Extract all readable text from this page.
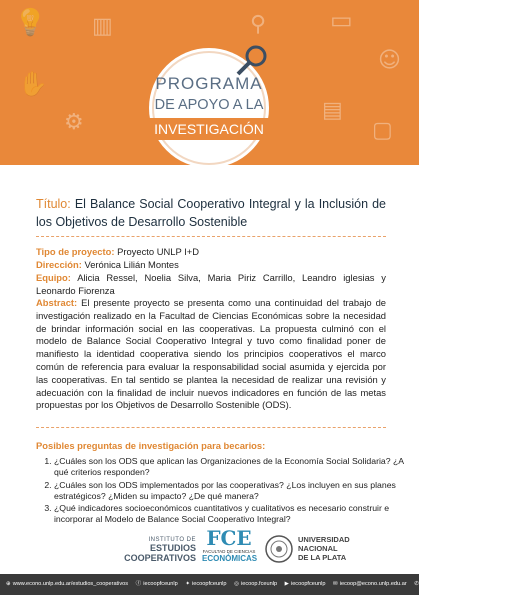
💡 ▥	▭
☺
✋
⚙	▤
▢
⚲
PROGRAMA
DE APOYO A LA
INVESTIGACIÓN
Título: El Balance Social Cooperativo Integral y la Inclusión de los Objetivos de Desarrollo Sostenible
Tipo de proyecto: Proyecto UNLP I+D
Dirección: Verónica Lilián Montes
Equipo: Alicia Ressel, Noelia Silva, Maria Piriz Carrillo, Leandro iglesias y Leonardo Fiorenza
Abstract: El presente proyecto se presenta como una continuidad del trabajo de investigación realizado en la Facultad de Ciencias Económicas sobre la necesidad de brindar información social en las cooperativas. La propuesta culminó con el modelo de Balance Social Cooperativo Integral y tuvo como finalidad poner de manifiesto la identidad cooperativa siendo los principios cooperativos el marco común de referencia para evaluar la responsabilidad social asumida y ejercida por las cooperativas. En tal sentido se plantea la necesidad de realizar una revisión y adecuación con la finalidad de incluir nuevos indicadores en función de las metas propuestas por los Objetivos de Desarrollo Sostenible (ODS).
Posibles preguntas de investigación para becarios:
1. ¿Cuáles son los ODS que aplican las Organizaciones de la Economía Social Solidaria? ¿A qué criterios responden?
2. ¿Cuáles son los ODS implementados por las cooperativas? ¿Los incluyen en sus planes estratégicos? ¿Miden su impacto? ¿De qué manera?
3. ¿Qué indicadores socioeconómicos cuantitativos y cualitativos es necesario construir e incorporar al Modelo de Balance Social Cooperativo Integral?
INSTITUTO DE
ESTUDIOS COOPERATIVOS
FCE
FACULTAD DE CIENCIAS
ECONÓMICAS
UNIVERSIDAD
NACIONAL
DE LA PLATA
⊕ www.econo.unlp.edu.ar/estudios_cooperativos ⓕ iecoopfceunlp ✦ iecoopfceunlp ◎ iecoop.fceunlp ▶ iecoopfceunlp ✉ iecoop@econo.unlp.edu.ar ✆ +54 (0221) 4236769/71/72 int. 133
